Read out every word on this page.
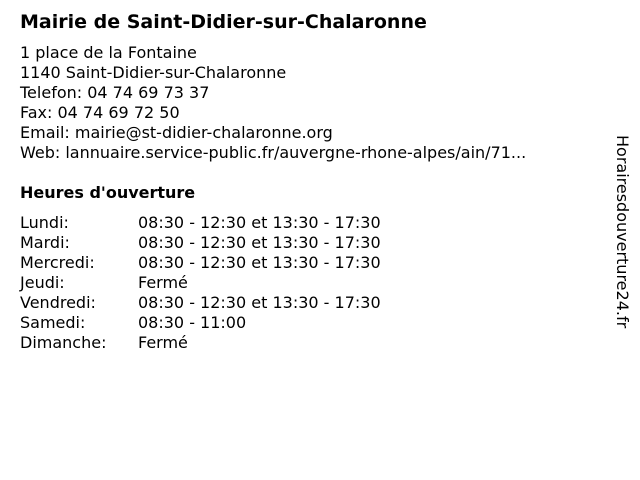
Mairie de Saint-Didier-sur-Chalaronne
1 place de la Fontaine
1140 Saint-Didier-sur-Chalaronne
Telefon: 04 74 69 73 37
Fax: 04 74 69 72 50
Email: mairie@st-didier-chalaronne.org
Web: lannuaire.service-public.fr/auvergne-rhone-alpes/ain/71...
Heures d'ouverture
Lundi:	08:30 - 12:30 et 13:30 - 17:30
Mardi:	08:30 - 12:30 et 13:30 - 17:30
Mercredi:	08:30 - 12:30 et 13:30 - 17:30
Jeudi:	Fermé
Vendredi:	08:30 - 12:30 et 13:30 - 17:30
Samedi:	08:30 - 11:00
Dimanche:	Fermé
Horairesdouverture24.fr
